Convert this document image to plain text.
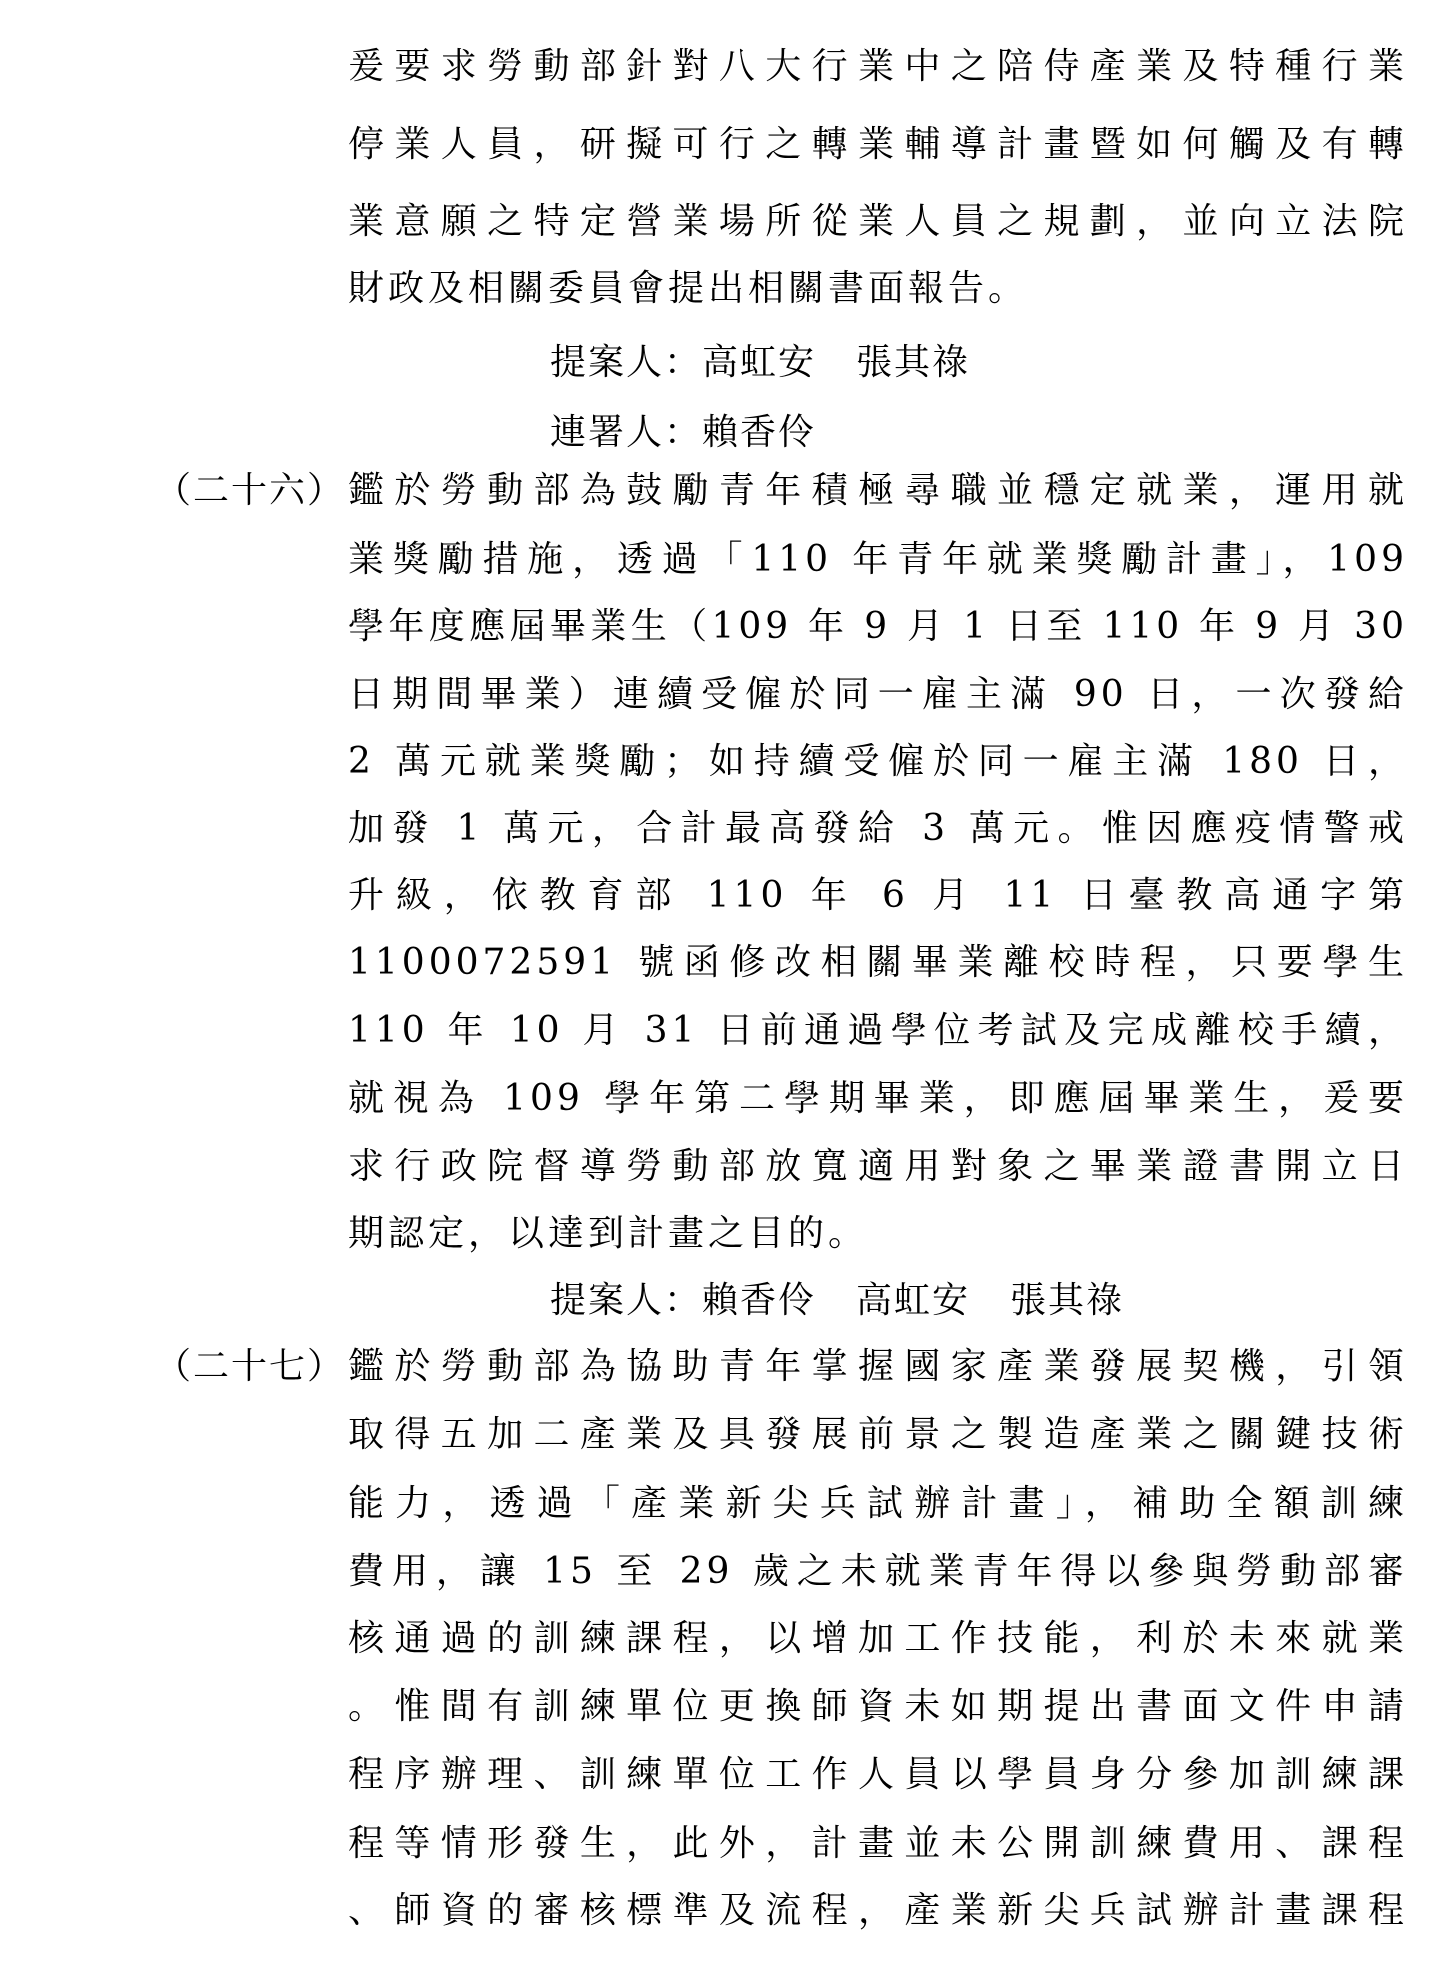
爰要求勞動部針對八大行業中之陪侍產業及特種行業
停業人員，研擬可行之轉業輔導計畫暨如何觸及有轉
業意願之特定營業場所從業人員之規劃，並向立法院
財政及相關委員會提出相關書面報告。
提案人：高虹安 張其祿
連署人：賴香伶
（二十六） 鑑於勞動部為鼓勵青年積極尋職並穩定就業，運用就
業獎勵措施，透過「110 年青年就業獎勵計畫」，109
學年度應屆畢業生（109 年 9 月 1 日至 110 年 9 月 30
日期間畢業）連續受僱於同一雇主滿 90 日，一次發給
2 萬元就業獎勵；如持續受僱於同一雇主滿 180 日，
加發 1 萬元，合計最高發給 3 萬元。惟因應疫情警戒
升級，依教育部 110 年 6 月 11 日臺教高通字第
1100072591 號函修改相關畢業離校時程，只要學生
110 年 10 月 31 日前通過學位考試及完成離校手續，
就視為 109 學年第二學期畢業，即應屆畢業生，爰要
求行政院督導勞動部放寬適用對象之畢業證書開立日
期認定，以達到計畫之目的。
提案人：賴香伶 高虹安 張其祿
（二十七） 鑑於勞動部為協助青年掌握國家產業發展契機，引領
取得五加二產業及具發展前景之製造產業之關鍵技術
能力，透過「產業新尖兵試辦計畫」，補助全額訓練
費用，讓 15 至 29 歲之未就業青年得以參與勞動部審
核通過的訓練課程，以增加工作技能，利於未來就業
。惟間有訓練單位更換師資未如期提出書面文件申請
程序辦理、訓練單位工作人員以學員身分參加訓練課
程等情形發生，此外，計畫並未公開訓練費用、課程
、師資的審核標準及流程，產業新尖兵試辦計畫課程
